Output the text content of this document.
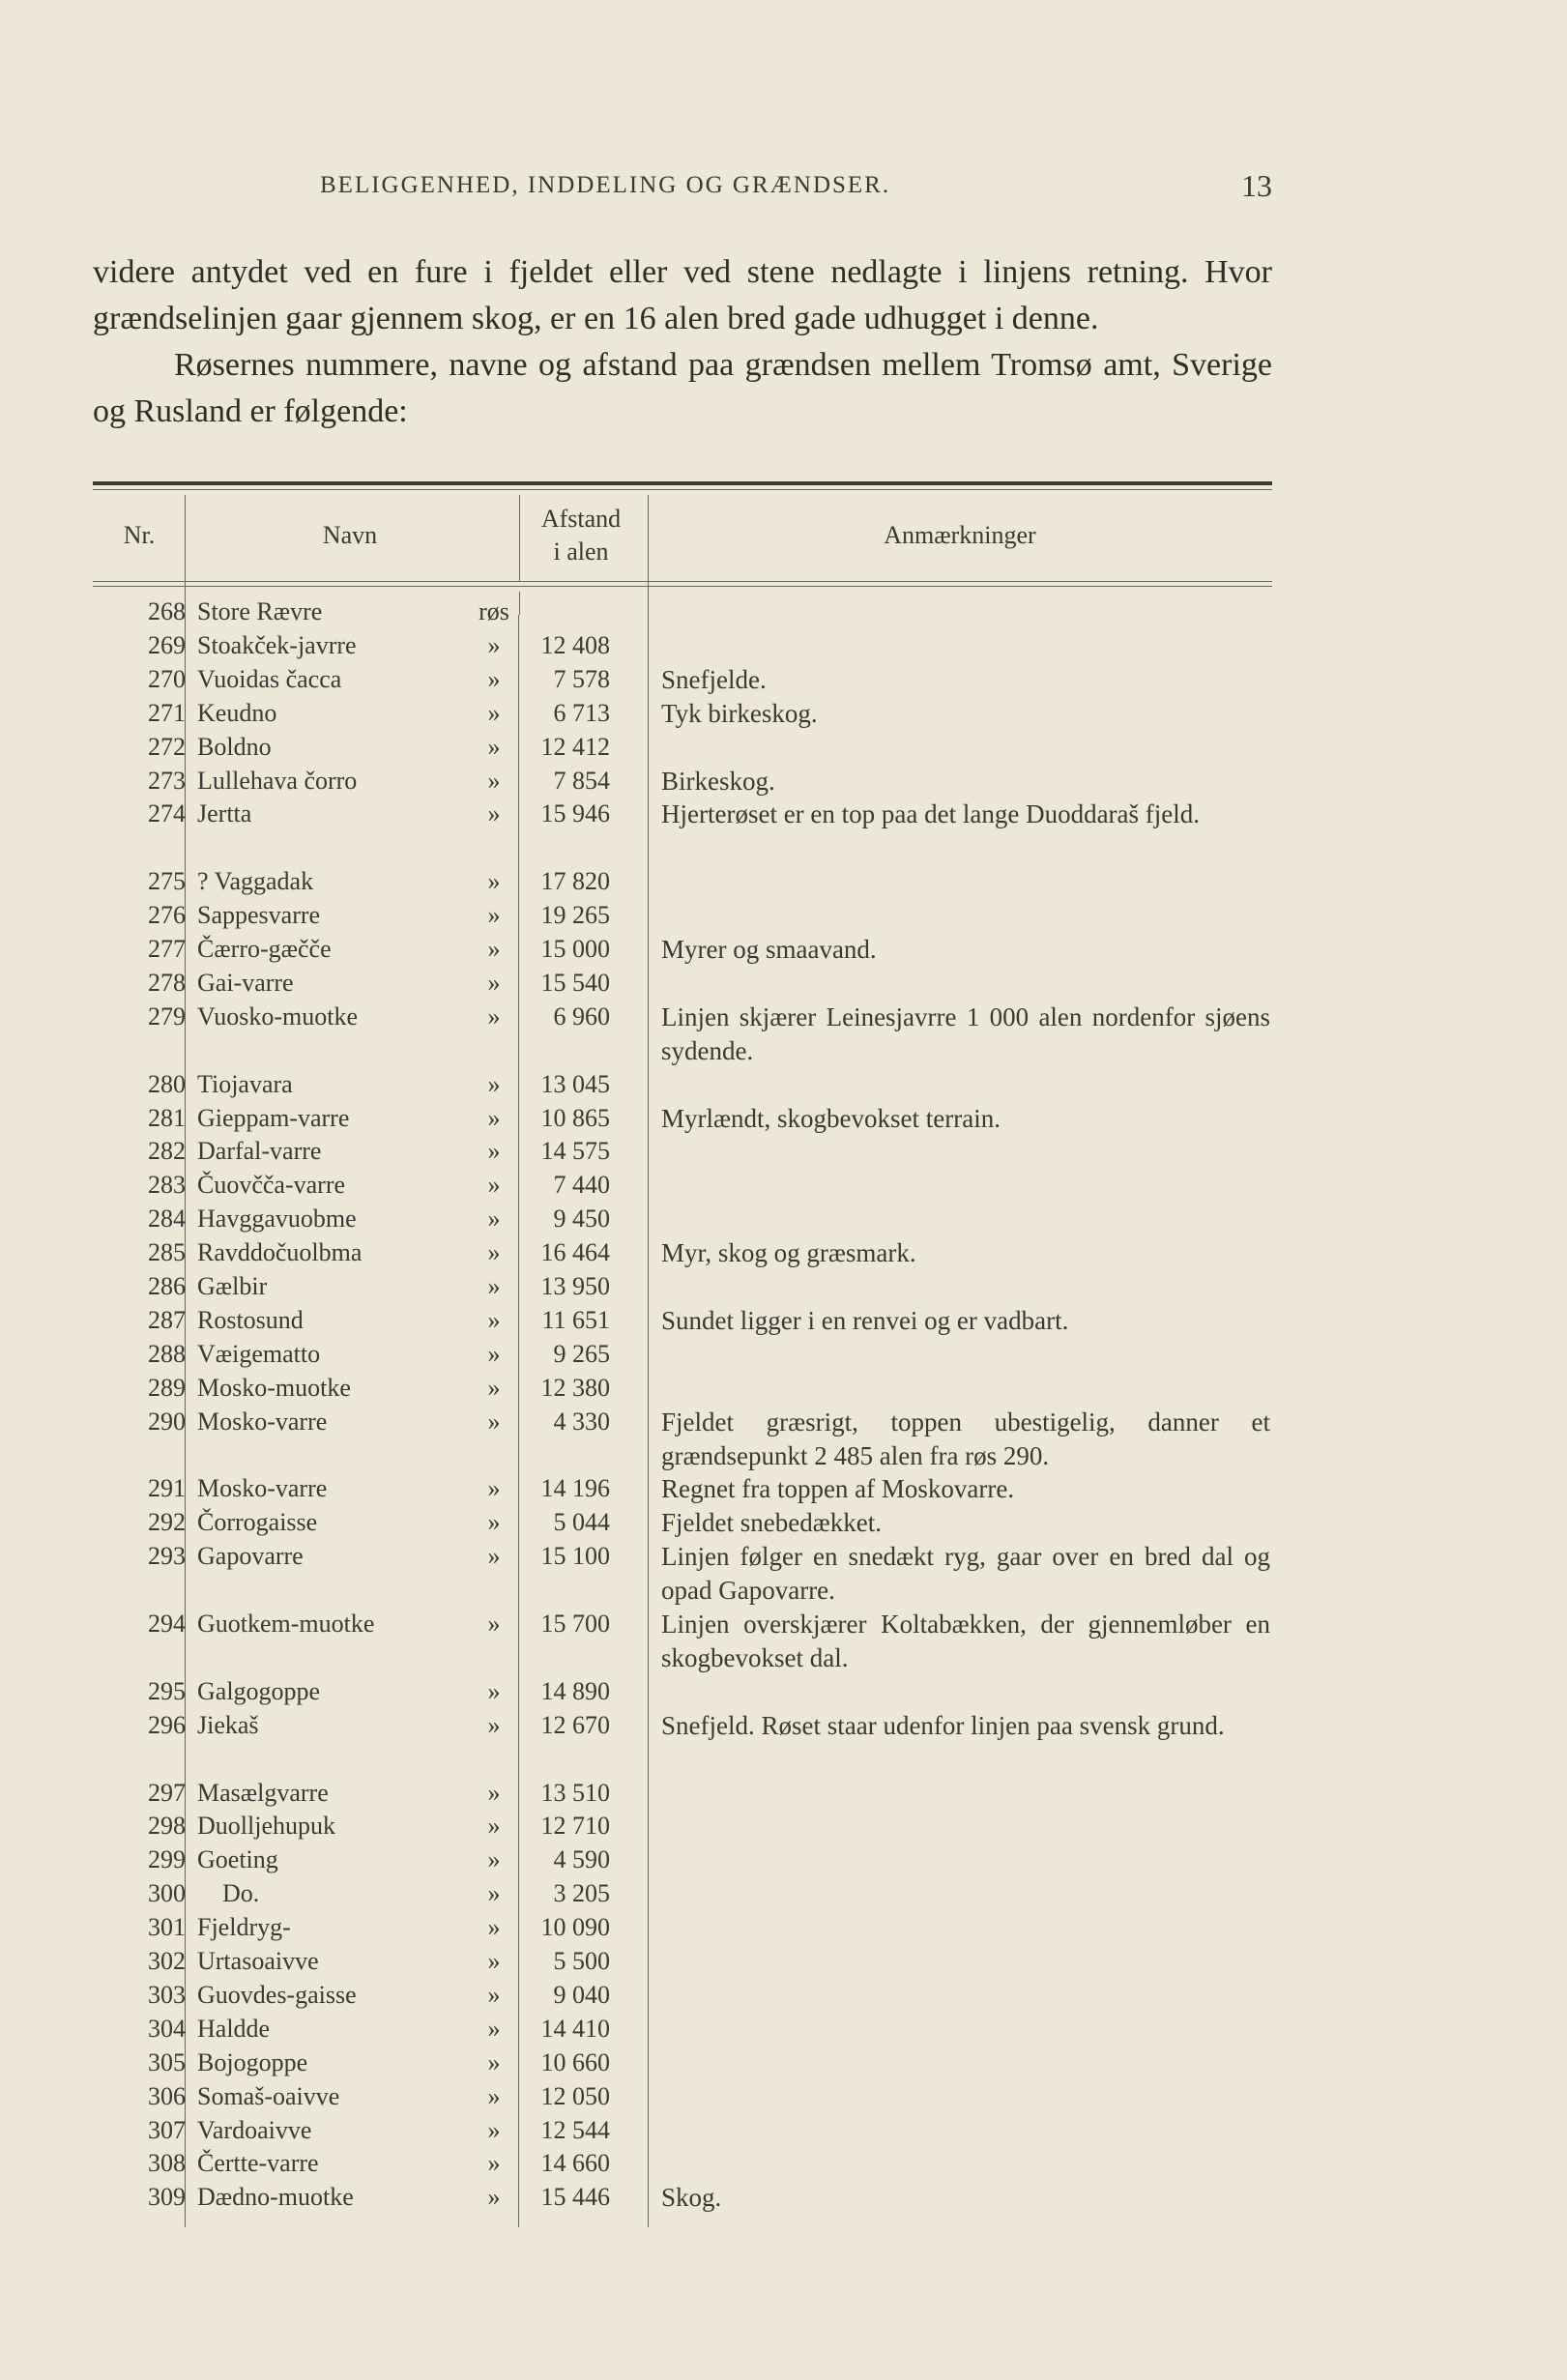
BELIGGENHED, INDDELING OG GRÆNDSER.	13

videre antydet ved en fure i fjeldet eller ved stene nedlagte i linjens retning. Hvor grændselinjen gaar gjennem skog, er en 16 alen bred gade udhugget i denne.

Røsernes nummere, navne og afstand paa grændsen mellem Tromsø amt, Sverige og Rusland er følgende:

Nr.	Navn
Afstand
i alen
Anmærkninger
268 Store Rævre	røs
269 Stoakček-javrre	»	12 408
270 Vuoidas čacca	»	7 578 Snefjelde.
271 Keudno	»	6 713 Tyk birkeskog.
272 Boldno	»	12 412
273 Lullehava čorro	»	7 854 Birkeskog.
274 Jertta	»	15 946 Hjerterøset er en top paa det lange Duoddaraš fjeld.
275 ? Vaggadak	»	17 820
276 Sappesvarre	»	19 265
277 Čærro-gæčče	»	15 000 Myrer og smaavand.
278 Gai-varre	»	15 540
279 Vuosko-muotke	»	6 960 Linjen skjærer Leinesjavrre 1 000 alen nordenfor sjøens sydende.
280 Tiojavara	»	13 045
281 Gieppam-varre	»	10 865 Myrlændt, skogbevokset terrain.
282 Darfal-varre	»	14 575
283 Čuovčča-varre	»	7 440
284 Havggavuobme	»	9 450
285 Ravddočuolbma	»	16 464 Myr, skog og græsmark.
286 Gælbir	»	13 950
287 Rostosund	»	11 651 Sundet ligger i en renvei og er vadbart.
288 Væigematto	»	9 265
289 Mosko-muotke	»	12 380
290 Mosko-varre	»	4 330 Fjeldet græsrigt, toppen ubestigelig, danner et grændsepunkt 2 485 alen fra røs 290.
291 Mosko-varre	»	14 196 Regnet fra toppen af Moskovarre.
292 Čorrogaisse	»	5 044 Fjeldet snebedækket.
293 Gapovarre	»	15 100 Linjen følger en snedækt ryg, gaar over en bred dal og opad Gapovarre.
294 Guotkem-muotke	»	15 700 Linjen overskjærer Koltabækken, der gjennemløber en skogbevokset dal.
295 Galgogoppe	»	14 890
296 Jiekaš	»	12 670 Snefjeld. Røset staar udenfor linjen paa svensk grund.
297 Masælgvarre	»	13 510
298 Duolljehupuk	»	12 710
299 Goeting	»	4 590
300 Do.	»	3 205
301 Fjeldryg-	»	10 090
302 Urtasoaivve	»	5 500
303 Guovdes-gaisse	»	9 040
304 Haldde	»	14 410
305 Bojogoppe	»	10 660
306 Somaš-oaivve	»	12 050
307 Vardoaivve	»	12 544
308 Čertte-varre	»	14 660
309 Dædno-muotke	»	15 446 Skog.
